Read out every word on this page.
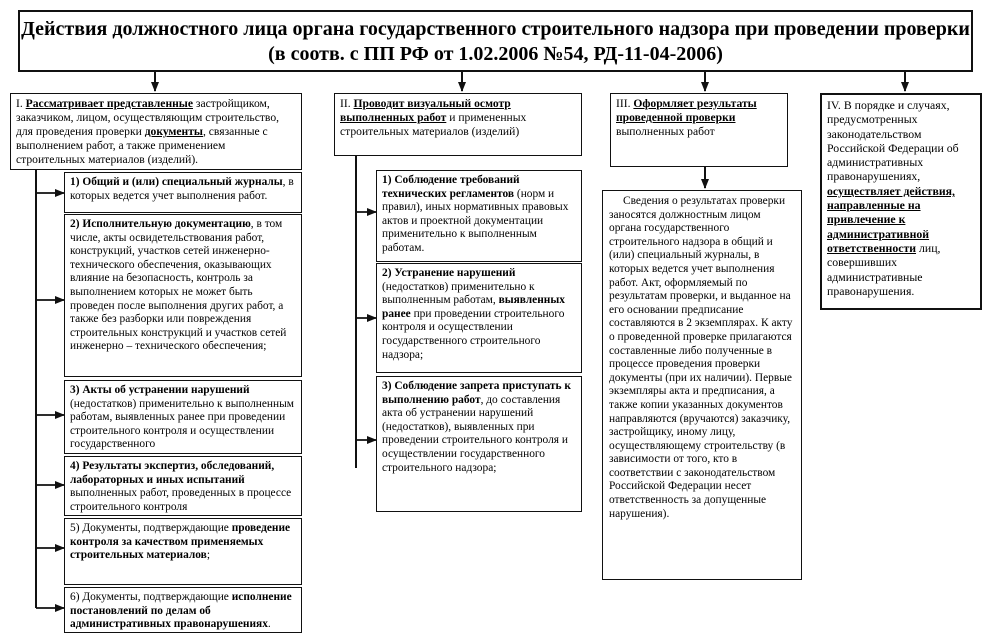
Действия должностного лица органа государственного строительного надзора при проведении проверки
(в соотв. с ПП РФ от 1.02.2006 №54, РД-11-04-2006)
I. Рассматривает представленные застройщиком, заказчиком, лицом, осуществляющим строительство, для проведения проверки документы, связанные с выполнением работ, а также применением строительных материалов (изделий).
1) Общий и (или) специальный журналы, в которых ведется учет выполнения работ.
2) Исполнительную документацию, в том числе, акты освидетельствования работ, конструкций, участков сетей инженерно-технического обеспечения, оказывающих влияние на безопасность, контроль за выполнением которых не может быть проведен после выполнения других работ, а также без разборки или повреждения строительных конструкций и участков сетей инженерно – технического обеспечения;
3) Акты об устранении нарушений (недостатков) применительно к выполненным работам, выявленных ранее при проведении строительного контроля и осуществлении государственного
4) Результаты экспертиз, обследований, лабораторных и иных испытаний выполненных работ, проведенных в процессе строительного контроля
5) Документы, подтверждающие проведение контроля за качеством применяемых строительных материалов;
6) Документы, подтверждающие исполнение постановлений по делам об административных правонарушениях.
II. Проводит визуальный осмотр выполненных работ и примененных строительных материалов (изделий)
1) Соблюдение требований технических регламентов (норм и правил), иных нормативных правовых актов и проектной документации применительно к выполненным работам.
2) Устранение нарушений (недостатков) применительно к выполненным работам, выявленных ранее при проведении строительного контроля и осуществлении государственного строительного надзора;
3) Соблюдение запрета приступать к выполнению работ, до составления акта об устранении нарушений (недостатков), выявленных при проведении строительного контроля и осуществлении государственного строительного надзора;
III. Оформляет результаты проведенной проверки выполненных работ
Сведения о результатах проверки заносятся должностным лицом органа государственного строительного надзора в общий и (или) специальный журналы, в которых ведется учет выполнения работ. Акт, оформляемый по результатам проверки, и выданное на его основании предписание составляются в 2 экземплярах. К акту о проведенной проверке прилагаются составленные либо полученные в процессе проведения проверки документы (при их наличии). Первые экземпляры акта и предписания, а также копии указанных документов направляются (вручаются) заказчику, застройщику, иному лицу, осуществляющему строительству (в зависимости от того, кто в соответствии с законодательством Российской Федерации несет ответственность за допущенные нарушения).
IV. В порядке и случаях, предусмотренных законодательством Российской Федерации об административных правонарушениях, осуществляет действия, направленные на привлечение к административной ответственности лиц, совершивших административные правонарушения.
